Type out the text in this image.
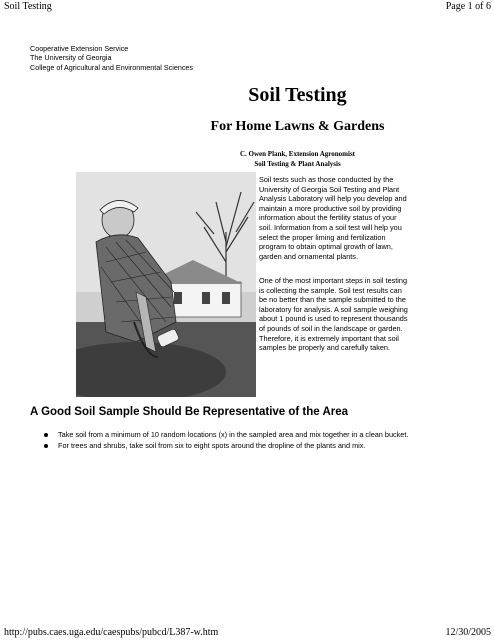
Soil Testing	Page 1 of 6
Cooperative Extension Service
The University of Georgia
College of Agricultural and Environmental Sciences
Soil Testing
For Home Lawns & Gardens
C. Owen Plank, Extension Agronomist
Soil Testing & Plant Analysis
Soil tests such as those conducted by the University of Georgia Soil Testing and Plant Analysis Laboratory will help you develop and maintain a more productive soil by providing information about the fertility status of your soil. Information from a soil test will help you select the proper liming and fertilization program to obtain optimal growth of lawn, garden and ornamental plants.
One of the most important steps in soil testing is collecting the sample. Soil test results can be no better than the sample submitted to the laboratory for analysis. A soil sample weighing about 1 pound is used to represent thousands of pounds of soil in the landscape or garden. Therefore, it is extremely important that soil samples be properly and carefully taken.
A Good Soil Sample Should Be Representative of the Area
Take soil from a minimum of 10 random locations (x) in the sampled area and mix together in a clean bucket.
For trees and shrubs, take soil from six to eight spots around the dropline of the plants and mix.
http://pubs.caes.uga.edu/caespubs/pubcd/L387-w.htm	12/30/2005
